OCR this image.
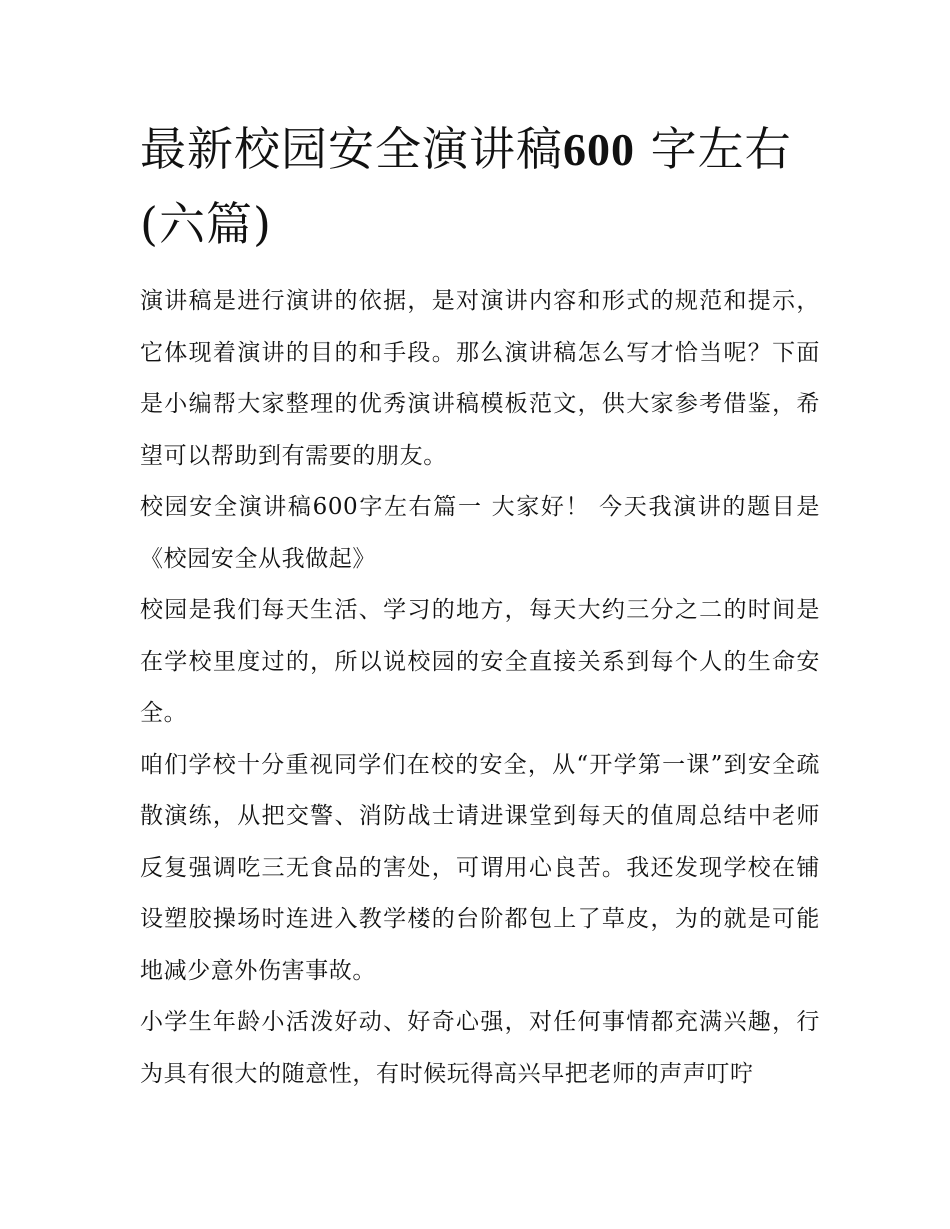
最新校园安全演讲稿600 字左右(六篇)

演讲稿是进行演讲的依据，是对演讲内容和形式的规范和提示，它体现着演讲的目的和手段。那么演讲稿怎么写才恰当呢？下面是小编帮大家整理的优秀演讲稿模板范文，供大家参考借鉴，希望可以帮助到有需要的朋友。

校园安全演讲稿600字左右篇一 大家好！ 今天我演讲的题目是《校园安全从我做起》

校园是我们每天生活、学习的地方，每天大约三分之二的时间是在学校里度过的，所以说校园的安全直接关系到每个人的生命安全。

咱们学校十分重视同学们在校的安全，从“开学第一课”到安全疏散演练，从把交警、消防战士请进课堂到每天的值周总结中老师反复强调吃三无食品的害处，可谓用心良苦。我还发现学校在铺设塑胶操场时连进入教学楼的台阶都包上了草皮，为的就是可能地减少意外伤害事故。

小学生年龄小活泼好动、好奇心强，对任何事情都充满兴趣，行为具有很大的随意性，有时候玩得高兴早把老师的声声叮咛
